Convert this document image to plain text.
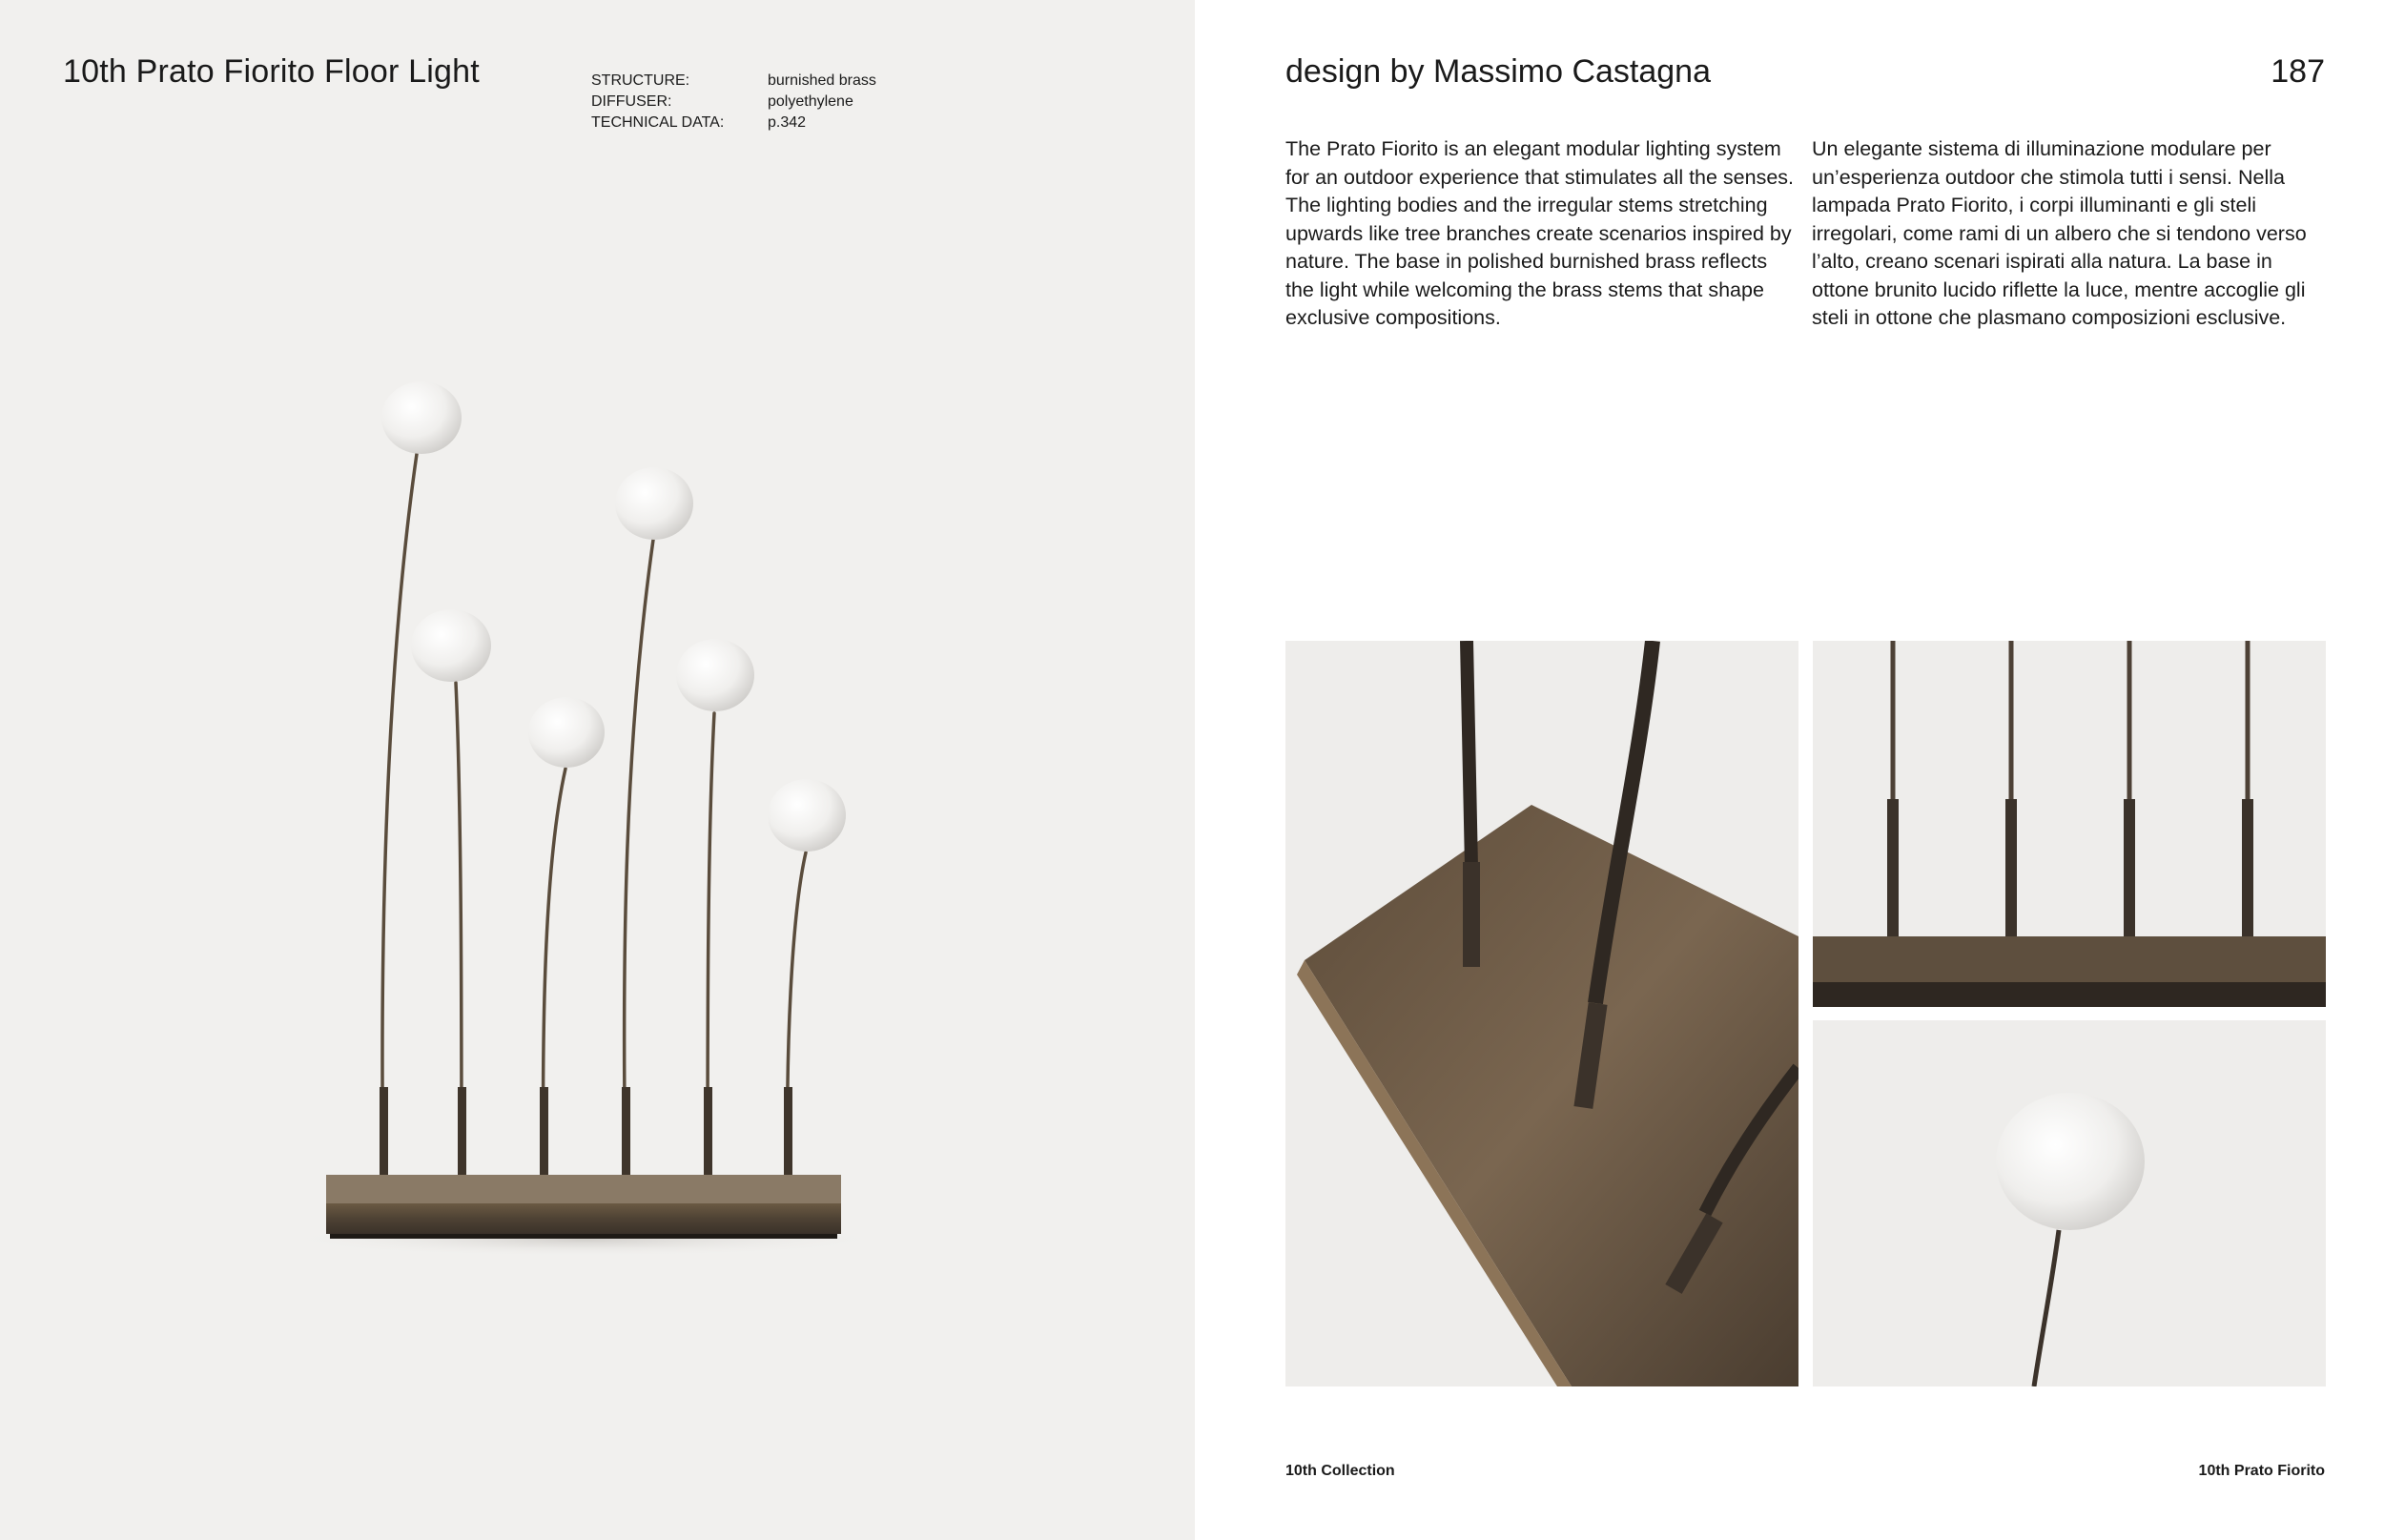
10th Prato Fiorito Floor Light	STRUCTURE:	burnished brass
DIFFUSER:	polyethylene
TECHNICAL DATA:	p.342
design by Massimo Castagna	187

The Prato Fiorito is an elegant modular lighting system for an outdoor experience that stimulates all the senses. The lighting bodies and the irregular stems stretching upwards like tree branches create scenarios inspired by nature. The base in polished burnished brass reflects the light while welcoming the brass stems that shape exclusive compositions.

Un elegante sistema di illuminazione modulare per un’esperienza outdoor che stimola tutti i sensi. Nella lampada Prato Fiorito, i corpi illuminanti e gli steli irregolari, come rami di un albero che si tendono verso l’alto, creano scenari ispirati alla natura. La base in ottone brunito lucido riflette la luce, mentre accoglie gli steli in ottone che plasmano composizioni esclusive.

10th Collection	10th Prato Fiorito
